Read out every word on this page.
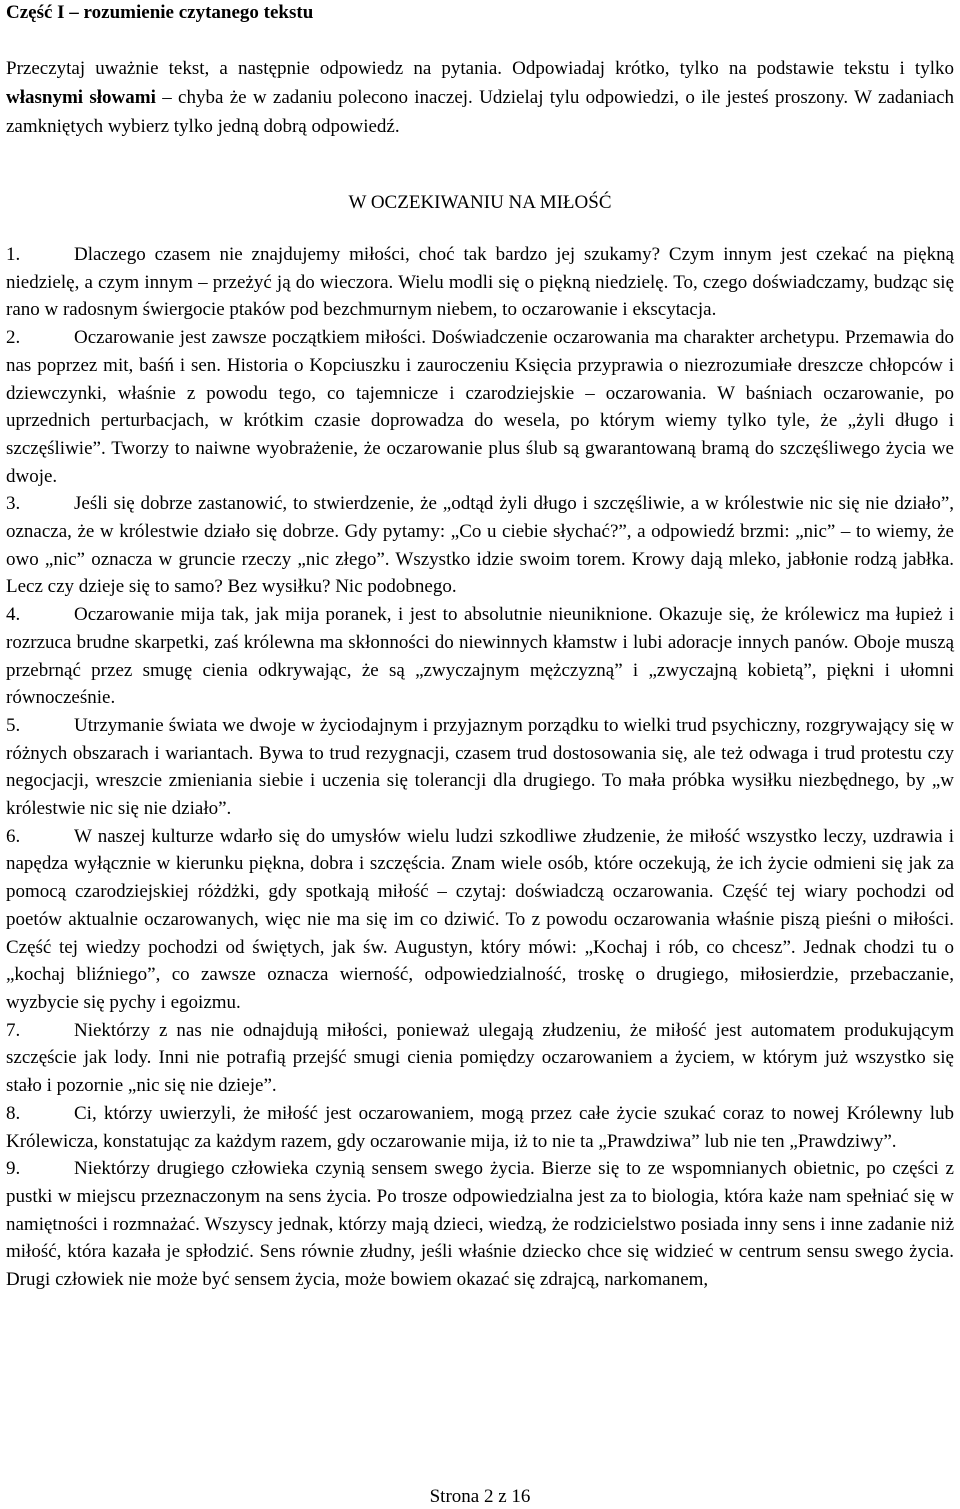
Część I – rozumienie czytanego tekstu

Przeczytaj uważnie tekst, a następnie odpowiedz na pytania. Odpowiadaj krótko, tylko na podstawie tekstu i tylko własnymi słowami – chyba że w zadaniu polecono inaczej. Udzielaj tylu odpowiedzi, o ile jesteś proszony. W zadaniach zamkniętych wybierz tylko jedną dobrą odpowiedź.

W OCZEKIWANIU NA MIŁOŚĆ

1.	Dlaczego czasem nie znajdujemy miłości, choć tak bardzo jej szukamy? Czym innym jest czekać na piękną niedzielę, a czym innym – przeżyć ją do wieczora. Wielu modli się o piękną niedzielę. To, czego doświadczamy, budząc się rano w radosnym świergocie ptaków pod bezchmurnym niebem, to oczarowanie i ekscytacja.

2.	Oczarowanie jest zawsze początkiem miłości. Doświadczenie oczarowania ma charakter archetypu. Przemawia do nas poprzez mit, baśń i sen. Historia o Kopciuszku i zauroczeniu Księcia przyprawia o niezrozumiałe dreszcze chłopców i dziewczynki, właśnie z powodu tego, co tajemnicze i czarodziejskie – oczarowania. W baśniach oczarowanie, po uprzednich perturbacjach, w krótkim czasie doprowadza do wesela, po którym wiemy tylko tyle, że „żyli długo i szczęśliwie”. Tworzy to naiwne wyobrażenie, że oczarowanie plus ślub są gwarantowaną bramą do szczęśliwego życia we dwoje.

3.	Jeśli się dobrze zastanowić, to stwierdzenie, że „odtąd żyli długo i szczęśliwie, a w królestwie nic się nie działo”, oznacza, że w królestwie działo się dobrze. Gdy pytamy: „Co u ciebie słychać?”, a odpowiedź brzmi: „nic” – to wiemy, że owo „nic” oznacza w gruncie rzeczy „nic złego”. Wszystko idzie swoim torem. Krowy dają mleko, jabłonie rodzą jabłka. Lecz czy dzieje się to samo? Bez wysiłku? Nic podobnego.

4.	Oczarowanie mija tak, jak mija poranek, i jest to absolutnie nieuniknione. Okazuje się, że królewicz ma łupież i rozrzuca brudne skarpetki, zaś królewna ma skłonności do niewinnych kłamstw i lubi adoracje innych panów. Oboje muszą przebrnąć przez smugę cienia odkrywając, że są „zwyczajnym mężczyzną” i „zwyczajną kobietą”, piękni i ułomni równocześnie.

5.	Utrzymanie świata we dwoje w życiodajnym i przyjaznym porządku to wielki trud psychiczny, rozgrywający się w różnych obszarach i wariantach. Bywa to trud rezygnacji, czasem trud dostosowania się, ale też odwaga i trud protestu czy negocjacji, wreszcie zmieniania siebie i uczenia się tolerancji dla drugiego. To mała próbka wysiłku niezbędnego, by „w królestwie nic się nie działo”.

6.	W naszej kulturze wdarło się do umysłów wielu ludzi szkodliwe złudzenie, że miłość wszystko leczy, uzdrawia i napędza wyłącznie w kierunku piękna, dobra i szczęścia. Znam wiele osób, które oczekują, że ich życie odmieni się jak za pomocą czarodziejskiej różdżki, gdy spotkają miłość – czytaj: doświadczą oczarowania. Część tej wiary pochodzi od poetów aktualnie oczarowanych, więc nie ma się im co dziwić. To z powodu oczarowania właśnie piszą pieśni o miłości. Część tej wiedzy pochodzi od świętych, jak św. Augustyn, który mówi: „Kochaj i rób, co chcesz”. Jednak chodzi tu o „kochaj bliźniego”, co zawsze oznacza wierność, odpowiedzialność, troskę o drugiego, miłosierdzie, przebaczanie, wyzbycie się pychy i egoizmu.

7.	Niektórzy z nas nie odnajdują miłości, ponieważ ulegają złudzeniu, że miłość jest automatem produkującym szczęście jak lody. Inni nie potrafią przejść smugi cienia pomiędzy oczarowaniem a życiem, w którym już wszystko się stało i pozornie „nic się nie dzieje”.

8.	Ci, którzy uwierzyli, że miłość jest oczarowaniem, mogą przez całe życie szukać coraz to nowej Królewny lub Królewicza, konstatując za każdym razem, gdy oczarowanie mija, iż to nie ta „Prawdziwa” lub nie ten „Prawdziwy”.

9.	Niektórzy drugiego człowieka czynią sensem swego życia. Bierze się to ze wspomnianych obietnic, po części z pustki w miejscu przeznaczonym na sens życia. Po trosze odpowiedzialna jest za to biologia, która każe nam spełniać się w namiętności i rozmnażać. Wszyscy jednak, którzy mają dzieci, wiedzą, że rodzicielstwo posiada inny sens i inne zadanie niż miłość, która kazała je spłodzić. Sens równie złudny, jeśli właśnie dziecko chce się widzieć w centrum sensu swego życia. Drugi człowiek nie może być sensem życia, może bowiem okazać się zdrajcą, narkomanem,

Strona 2 z 16
